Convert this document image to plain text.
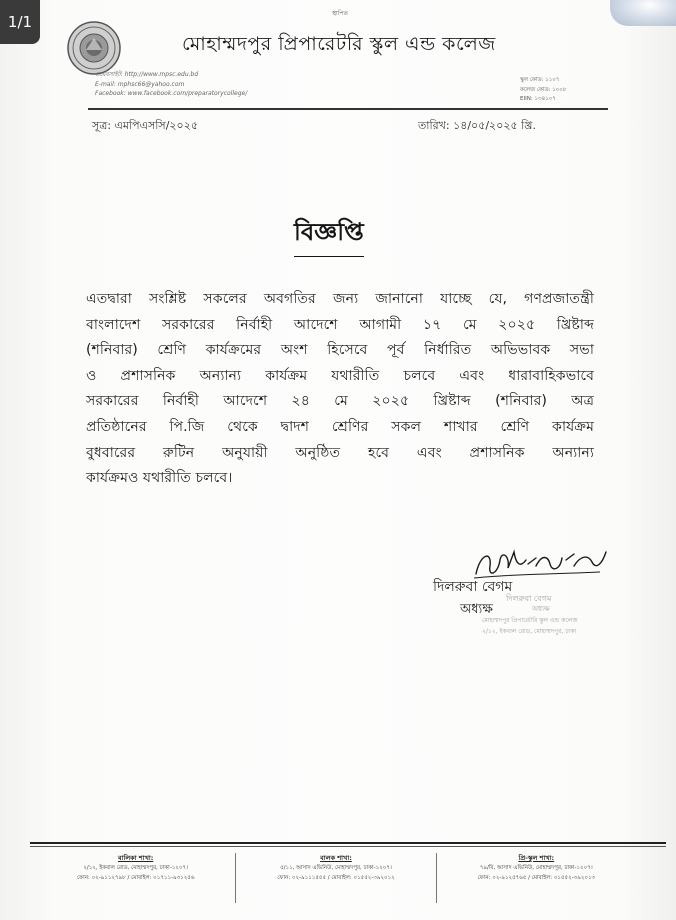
1/1	স্থাপিত
মোহাম্মদপুর প্রিপারেটরি স্কুল এন্ড কলেজ
ওয়েবসাইট: http://www.mpsc.edu.bd
E-mail: mphsc66@yahoo.com
Facebook: www.facebook.com/preparatorycollege/
স্কুল কোড: ১১০৭
কলেজ কোড: ১০০৮
EIIN: ১৩৪১০৭
সূত্র: এমপিএসসি/২০২৫	তারিখ: ১৪/০৫/২০২৫ খ্রি.
বিজ্ঞপ্তি
এতদ্বারা সংশ্লিষ্ট সকলের অবগতির জন্য জানানো যাচ্ছে যে, গণপ্রজাতন্ত্রী
বাংলাদেশ সরকারের নির্বাহী আদেশে আগামী ১৭ মে ২০২৫ খ্রিষ্টাব্দ
(শনিবার) শ্রেণি কার্যক্রমের অংশ হিসেবে পূর্ব নির্ধারিত অভিভাবক সভা
ও প্রশাসনিক অন্যান্য কার্যক্রম যথারীতি চলবে এবং ধারাবাহিকভাবে
সরকারের নির্বাহী আদেশে ২৪ মে ২০২৫ খ্রিষ্টাব্দ (শনিবার) অত্র
প্রতিষ্ঠানের পি.জি থেকে দ্বাদশ শ্রেণির সকল শাখার শ্রেণি কার্যক্রম
বুধবারের রুটিন অনুযায়ী অনুষ্ঠিত হবে এবং প্রশাসনিক অন্যান্য
কার্যক্রমও যথারীতি চলবে।
দিলরুবা বেগম
অধ্যক্ষ
মোহাম্মদপুর প্রিপারেটরি স্কুল এন্ড কলেজ
২/১২, ইকবাল রোড, মোহাম্মদপুর, ঢাকা
দিলরুবা বেগম
অধ্যক্ষ
বালিকা শাখা:
২/১২, ইকবাল রোড, মোহাম্মদপুর, ঢাকা-১২০৭।
ফোন: ০২-৯১১২৭৯৮ / মোবাইল: ০১৭১১-৯৩১২৫৬
বালক শাখা:
৫/১১, আসাদ এভিনিউ, মোহাম্মদপুর, ঢাকা-১২০৭।
ফোন: ০২-৯১১১৫৫৫ / মোবাইল: ০১৫৫২-৩৯২০১২
প্রি-স্কুল শাখা:
৭৯/বি, আসাদ এভিনিউ, মোহাম্মদপুর, ঢাকা-১২০৭।
ফোন: ০২-৯১২৫৭৬৫ / মোবাইল: ০১৫৫২-৩৯২০১৩
